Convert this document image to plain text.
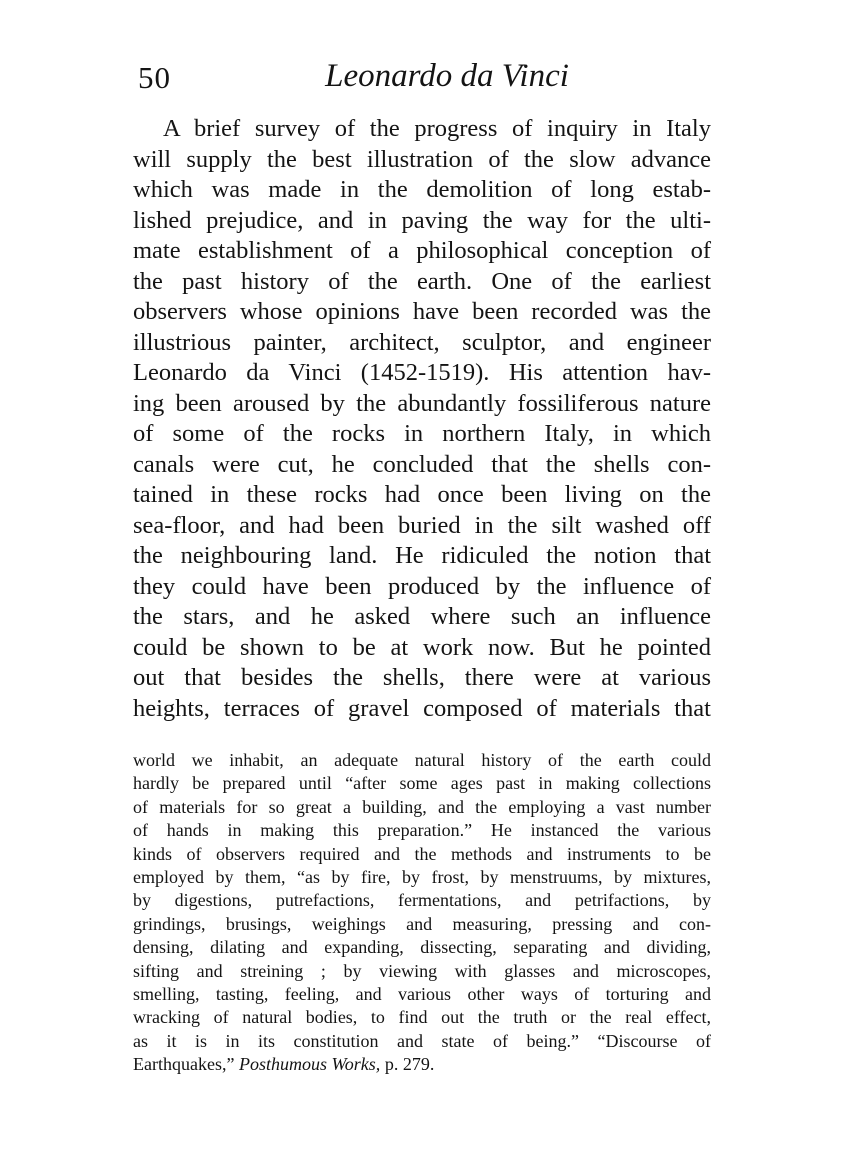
50	Leonardo da Vinci
A brief survey of the progress of inquiry in Italy
will supply the best illustration of the slow advance
which was made in the demolition of long estab-
lished prejudice, and in paving the way for the ulti-
mate establishment of a philosophical conception of
the past history of the earth. One of the earliest
observers whose opinions have been recorded was the
illustrious painter, architect, sculptor, and engineer
Leonardo da Vinci (1452-1519). His attention hav-
ing been aroused by the abundantly fossiliferous nature
of some of the rocks in northern Italy, in which
canals were cut, he concluded that the shells con-
tained in these rocks had once been living on the
sea-floor, and had been buried in the silt washed off
the neighbouring land. He ridiculed the notion that
they could have been produced by the influence of
the stars, and he asked where such an influence
could be shown to be at work now. But he pointed
out that besides the shells, there were at various
heights, terraces of gravel composed of materials that
world we inhabit, an adequate natural history of the earth could
hardly be prepared until “after some ages past in making collections
of materials for so great a building, and the employing a vast number
of hands in making this preparation.” He instanced the various
kinds of observers required and the methods and instruments to be
employed by them, “as by fire, by frost, by menstruums, by mixtures,
by digestions, putrefactions, fermentations, and petrifactions, by
grindings, brusings, weighings and measuring, pressing and con-
densing, dilating and expanding, dissecting, separating and dividing,
sifting and streining ; by viewing with glasses and microscopes,
smelling, tasting, feeling, and various other ways of torturing and
wracking of natural bodies, to find out the truth or the real effect,
as it is in its constitution and state of being.” “Discourse of
Earthquakes,” Posthumous Works, p. 279.
